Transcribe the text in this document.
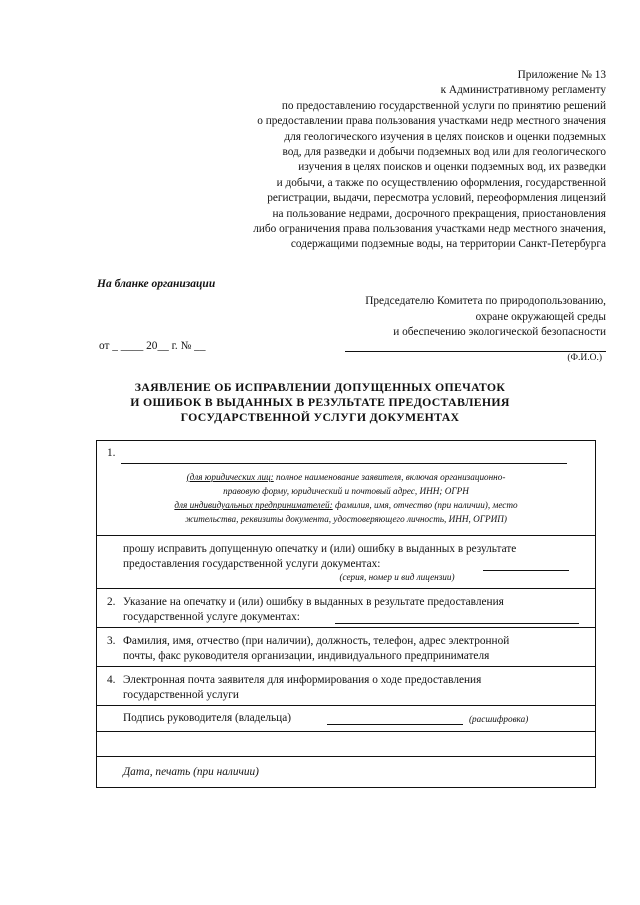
Приложение № 13
к Административному регламенту
по предоставлению государственной услуги по принятию решений
о предоставлении права пользования участками недр местного значения
для геологического изучения в целях поисков и оценки подземных
вод, для разведки и добычи подземных вод или для геологического
изучения в целях поисков и оценки подземных вод, их разведки
и добычи, а также по осуществлению оформления, государственной
регистрации, выдачи, пересмотра условий, переоформления лицензий
на пользование недрами, досрочного прекращения, приостановления
либо ограничения права пользования участками недр местного значения,
содержащими подземные воды, на территории Санкт-Петербурга
На бланке организации
Председателю Комитета по природопользованию,
охране окружающей среды
и обеспечению экологической безопасности
от _ ____ 20__ г. № __
(Ф.И.О.)
ЗАЯВЛЕНИЕ ОБ ИСПРАВЛЕНИИ ДОПУЩЕННЫХ ОПЕЧАТОК
И ОШИБОК В ВЫДАННЫХ В РЕЗУЛЬТАТЕ ПРЕДОСТАВЛЕНИЯ
ГОСУДАРСТВЕННОЙ УСЛУГИ ДОКУМЕНТАХ
1.
(для юридических лиц: полное наименование заявителя, включая организационно-
правовую форму, юридический и почтовый адрес, ИНН; ОГРН
для индивидуальных предпринимателей: фамилия, имя, отчество (при наличии), место
жительства, реквизиты документа, удостоверяющего личность, ИНН, ОГРИП)

прошу исправить допущенную опечатку и (или) ошибку в выданных в результате
предоставления государственной услуги документах:
(серия, номер и вид лицензии)

2. Указание на опечатку и (или) ошибку в выданных в результате предоставления
государственной услуге документах:

3. Фамилия, имя, отчество (при наличии), должность, телефон, адрес электронной
почты, факс руководителя организации, индивидуального предпринимателя

4. Электронная почта заявителя для информирования о ходе предоставления
государственной услуги

Подпись руководителя (владельца)	(расшифровка)

Дата, печать (при наличии)
